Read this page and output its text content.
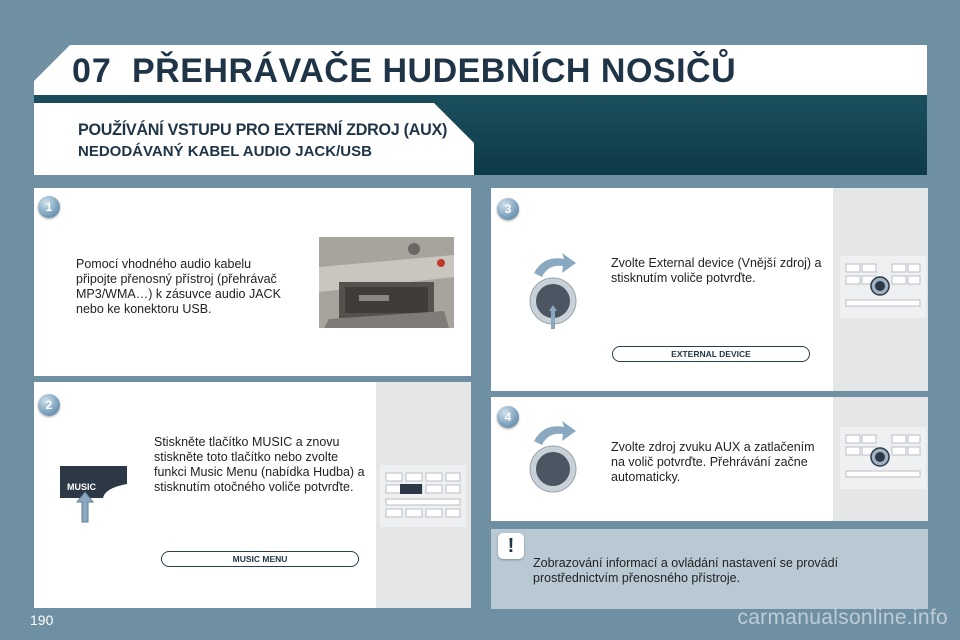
07 PŘEHRÁVAČE HUDEBNÍCH NOSIČŮ
POUŽÍVÁNÍ VSTUPU PRO EXTERNÍ ZDROJ (AUX)
NEDODÁVANÝ KABEL AUDIO JACK/USB
1
Pomocí vhodného audio kabelu
připojte přenosný přístroj (přehrávač
MP3/WMA…) k zásuvce audio JACK
nebo ke konektoru USB.
2
Stiskněte tlačítko MUSIC a znovu
stiskněte toto tlačítko nebo zvolte
funkci Music Menu (nabídka Hudba) a
stisknutím otočného voliče potvrďte.
MUSIC
MUSIC MENU
3
Zvolte External device (Vnější zdroj) a
stisknutím voliče potvrďte.
EXTERNAL DEVICE
4
Zvolte zdroj zvuku AUX a zatlačením
na volič potvrďte. Přehrávání začne
automaticky.
!
Zobrazování informací a ovládání nastavení se provádí
prostřednictvím přenosného přístroje.
190	carmanualsonline.info
